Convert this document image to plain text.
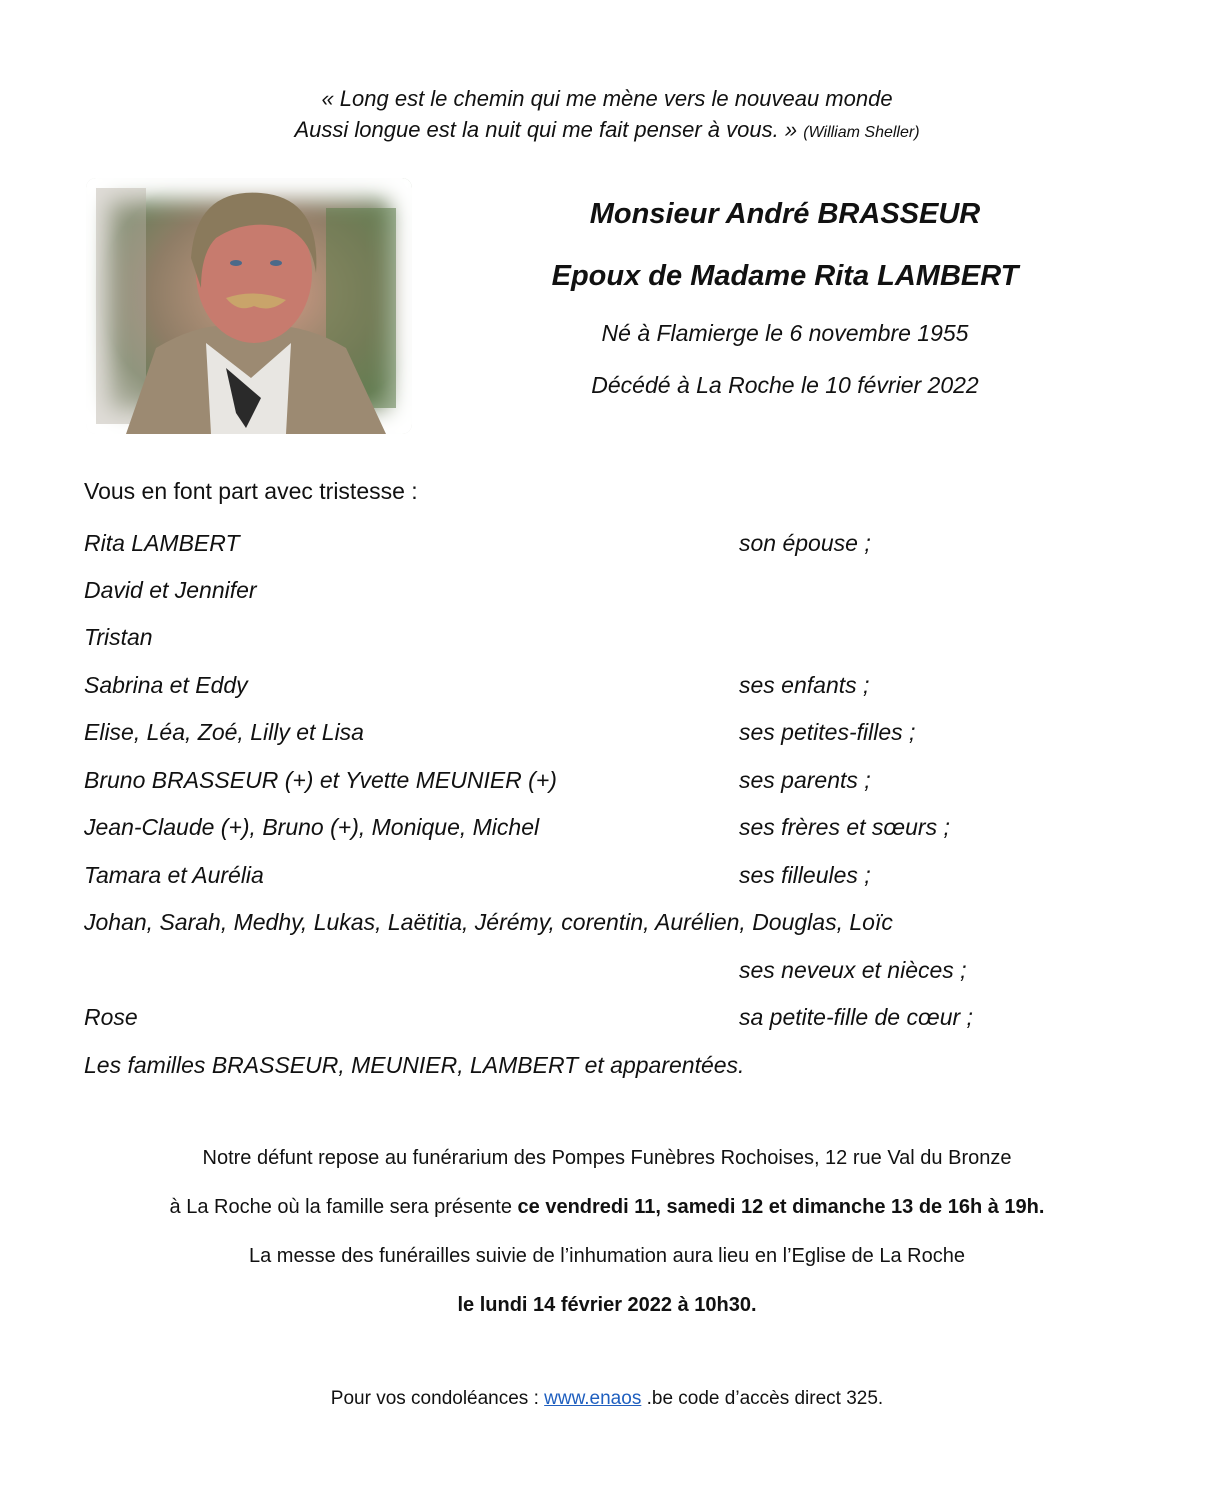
« Long est le chemin qui me mène vers le nouveau monde
Aussi longue est la nuit qui me fait penser à vous. » (William Sheller)
Monsieur André BRASSEUR
Epoux de Madame Rita LAMBERT
Né à Flamierge le 6 novembre 1955
Décédé à La Roche le 10 février 2022
Vous en font part avec tristesse :
Rita LAMBERT	son épouse ;
David et Jennifer
Tristan
Sabrina et Eddy	ses enfants ;
Elise, Léa, Zoé, Lilly et Lisa	ses petites-filles ;
Bruno BRASSEUR (+) et Yvette MEUNIER (+)	ses parents ;
Jean-Claude (+), Bruno (+), Monique, Michel	ses frères et sœurs ;
Tamara et Aurélia	ses filleules ;
Johan, Sarah, Medhy, Lukas, Laëtitia, Jérémy, corentin, Aurélien, Douglas, Loïc
ses neveux et nièces ;
Rose	sa petite-fille de cœur ;
Les familles BRASSEUR, MEUNIER, LAMBERT et apparentées.
Notre défunt repose au funérarium des Pompes Funèbres Rochoises, 12 rue Val du Bronze
à La Roche où la famille sera présente ce vendredi 11, samedi 12 et dimanche 13 de 16h à 19h.
La messe des funérailles suivie de l’inhumation aura lieu en l’Eglise de La Roche
le lundi 14 février 2022 à 10h30.
Pour vos condoléances : www.enaos .be code d’accès direct 325.
